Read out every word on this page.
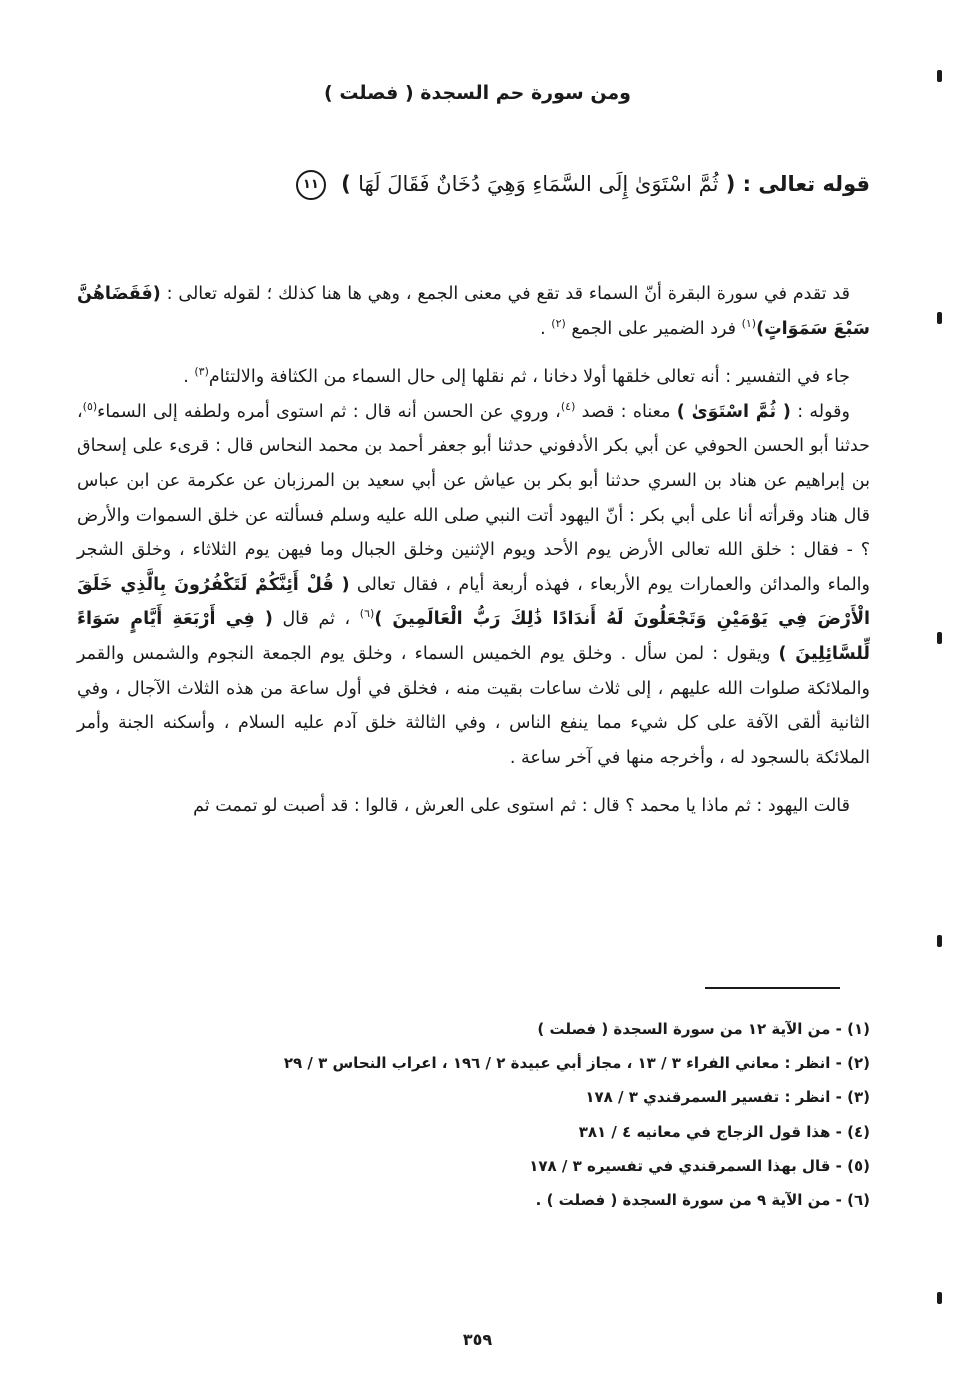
ومن سورة حم السجدة ( فصلت )
قوله تعالى : ( ثُمَّ اسْتَوَىٰ إِلَى السَّمَاءِ وَهِيَ دُخَانٌ فَقَالَ لَهَا ) ١١

قد تقدم في سورة البقرة أنّ السماء قد تقع في معنى الجمع ، وهي ها هنا كذلك ؛ لقوله تعالى : (فَقَضَاهُنَّ سَبْعَ سَمَوَاتٍ)$^{(١)}$ فرد الضمير على الجمع $^{(٢)}$ .

جاء في التفسير : أنه تعالى خلقها أولا دخانا ، ثم نقلها إلى حال السماء من الكثافة والالتئام$^{(٣)}$ .

وقوله : ( ثُمَّ اسْتَوَىٰ ) معناه : قصد $^{(٤)}$، وروي عن الحسن أنه قال : ثم استوى أمره ولطفه إلى السماء$^{(٥)}$، حدثنا أبو الحسن الحوفي عن أبي بكر الأدفوني حدثنا أبو جعفر أحمد بن محمد النحاس قال : قرىء على إسحاق بن إبراهيم عن هناد بن السري حدثنا أبو بكر بن عياش عن أبي سعيد بن المرزبان عن عكرمة عن ابن عباس قال هناد وقرأته أنا على أبي بكر : أنّ اليهود أتت النبي صلى الله عليه وسلم فسألته عن خلق السموات والأرض ؟ - فقال : خلق الله تعالى الأرض يوم الأحد ويوم الإثنين وخلق الجبال وما فيهن يوم الثلاثاء ، وخلق الشجر والماء والمدائن والعمارات يوم الأربعاء ، فهذه أربعة أيام ، فقال تعالى ( قُلْ أَئِنَّكُمْ لَتَكْفُرُونَ بِالَّذِي خَلَقَ الْأَرْضَ فِي يَوْمَيْنِ وَتَجْعَلُونَ لَهُ أَندَادًا ذَٰلِكَ رَبُّ الْعَالَمِينَ )$^{(٦)}$ ، ثم قال ( فِي أَرْبَعَةِ أَيَّامٍ سَوَاءً لِّلسَّائِلِينَ ) ويقول : لمن سأل . وخلق يوم الخميس السماء ، وخلق يوم الجمعة النجوم والشمس والقمر والملائكة صلوات الله عليهم ، إلى ثلاث ساعات بقيت منه ، فخلق في أول ساعة من هذه الثلاث الآجال ، وفي الثانية ألقى الآفة على كل شيء مما ينفع الناس ، وفي الثالثة خلق آدم عليه السلام ، وأسكنه الجنة وأمر الملائكة بالسجود له ، وأخرجه منها في آخر ساعة .

قالت اليهود : ثم ماذا يا محمد ؟ قال : ثم استوى على العرش ، قالوا : قد أصبت لو تممت ثم

(١) - من الآية ١٢ من سورة السجدة ( فصلت )
(٢) - انظر : معاني الفراء ٣ / ١٣ ، مجاز أبي عبيدة ٢ / ١٩٦ ، اعراب النحاس ٣ / ٢٩
(٣) - انظر : تفسير السمرقندي ٣ / ١٧٨
(٤) - هذا قول الزجاج في معانيه ٤ / ٣٨١
(٥) - قال بهذا السمرقندي في تفسيره ٣ / ١٧٨
(٦) - من الآية ٩ من سورة السجدة ( فصلت ) .
٣٥٩
